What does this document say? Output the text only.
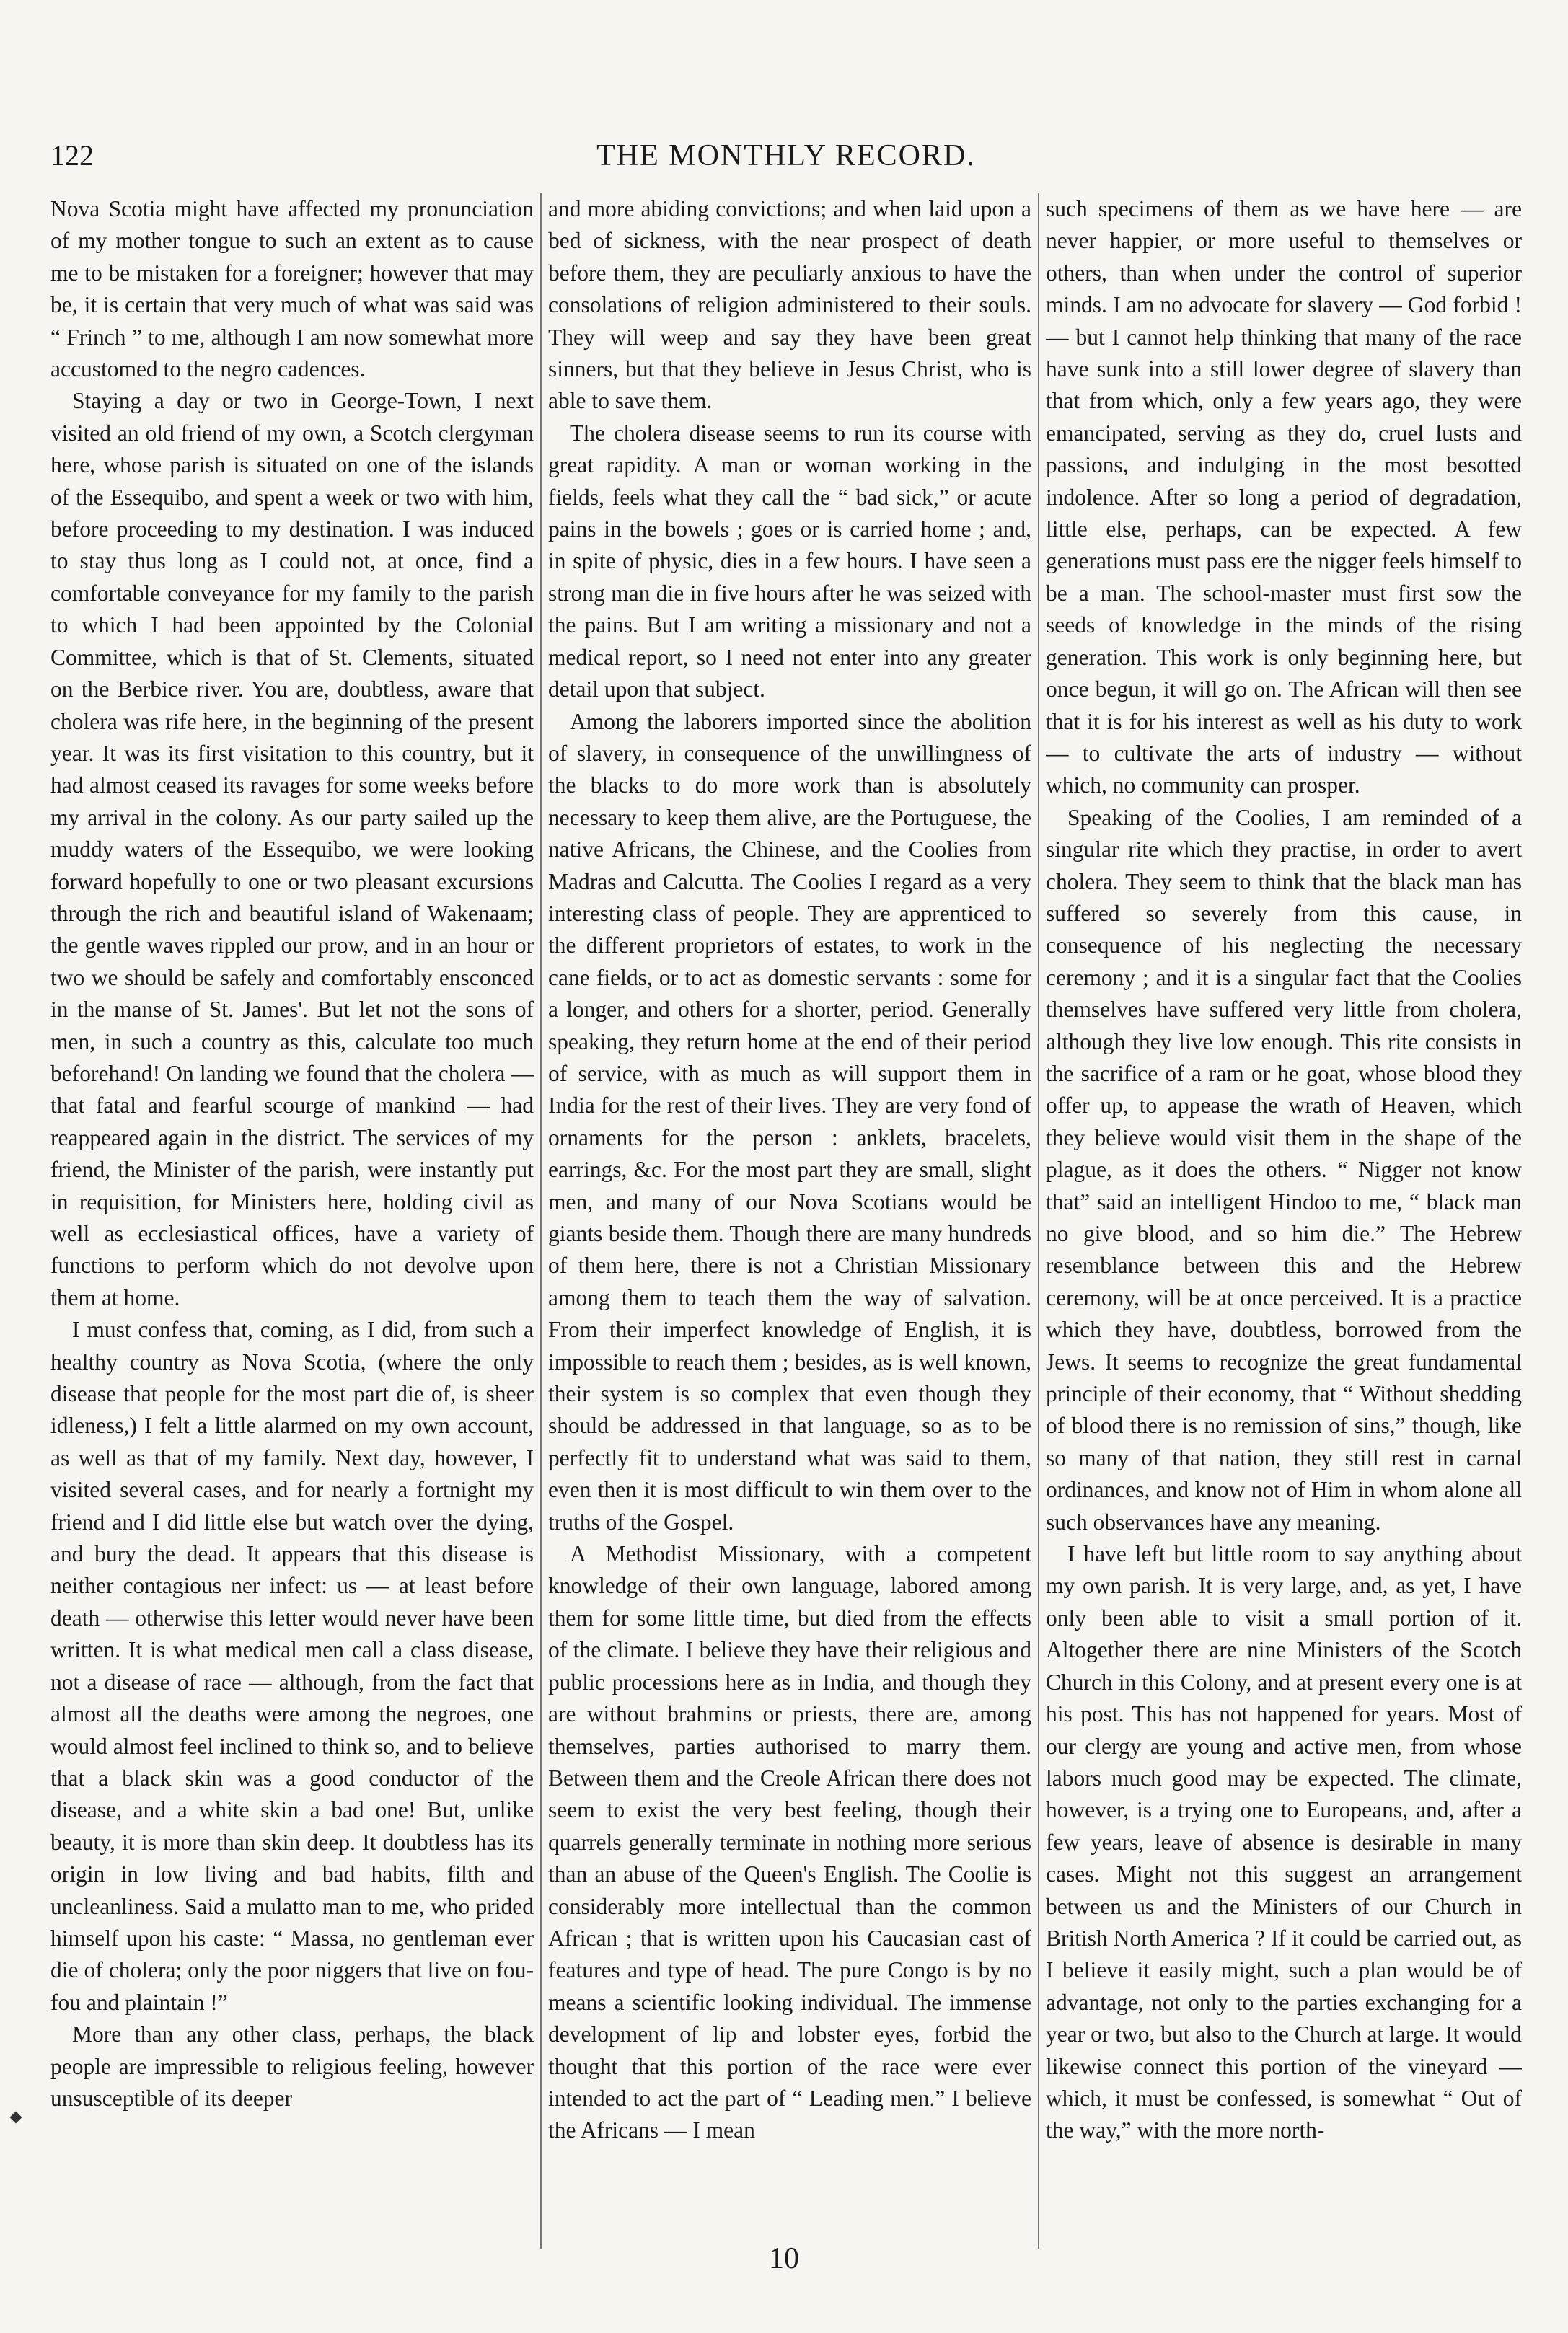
122	THE MONTHLY RECORD.

Nova Scotia might have affected my pronunciation of my mother tongue to such an extent as to cause me to be mistaken for a foreigner; however that may be, it is certain that very much of what was said was “ Frinch ” to me, although I am now somewhat more accustomed to the negro cadences.

Staying a day or two in George-Town, I next visited an old friend of my own, a Scotch clergyman here, whose parish is situated on one of the islands of the Essequibo, and spent a week or two with him, before proceeding to my destination. I was induced to stay thus long as I could not, at once, find a comfortable conveyance for my family to the parish to which I had been appointed by the Colonial Committee, which is that of St. Clements, situated on the Berbice river. You are, doubtless, aware that cholera was rife here, in the beginning of the present year. It was its first visitation to this country, but it had almost ceased its ravages for some weeks before my arrival in the colony. As our party sailed up the muddy waters of the Essequibo, we were looking forward hopefully to one or two pleasant excursions through the rich and beautiful island of Wakenaam; the gentle waves rippled our prow, and in an hour or two we should be safely and comfortably ensconced in the manse of St. James'. But let not the sons of men, in such a country as this, calculate too much beforehand! On landing we found that the cholera — that fatal and fearful scourge of mankind — had reappeared again in the district. The services of my friend, the Minister of the parish, were instantly put in requisition, for Ministers here, holding civil as well as ecclesiastical offices, have a variety of functions to perform which do not devolve upon them at home.

I must confess that, coming, as I did, from such a healthy country as Nova Scotia, (where the only disease that people for the most part die of, is sheer idleness,) I felt a little alarmed on my own account, as well as that of my family. Next day, however, I visited several cases, and for nearly a fortnight my friend and I did little else but watch over the dying, and bury the dead. It appears that this disease is neither contagious ner infect: us — at least before death — otherwise this letter would never have been written. It is what medical men call a class disease, not a disease of race — although, from the fact that almost all the deaths were among the negroes, one would almost feel inclined to think so, and to believe that a black skin was a good conductor of the disease, and a white skin a bad one! But, unlike beauty, it is more than skin deep. It doubtless has its origin in low living and bad habits, filth and uncleanliness. Said a mulatto man to me, who prided himself upon his caste: “ Massa, no gentleman ever die of cholera; only the poor niggers that live on fou-fou and plaintain !”

More than any other class, perhaps, the black people are impressible to religious feeling, however unsusceptible of its deeper

and more abiding convictions; and when laid upon a bed of sickness, with the near prospect of death before them, they are peculiarly anxious to have the consolations of religion administered to their souls. They will weep and say they have been great sinners, but that they believe in Jesus Christ, who is able to save them.

The cholera disease seems to run its course with great rapidity. A man or woman working in the fields, feels what they call the “ bad sick,” or acute pains in the bowels ; goes or is carried home ; and, in spite of physic, dies in a few hours. I have seen a strong man die in five hours after he was seized with the pains. But I am writing a missionary and not a medical report, so I need not enter into any greater detail upon that subject.

Among the laborers imported since the abolition of slavery, in consequence of the unwillingness of the blacks to do more work than is absolutely necessary to keep them alive, are the Portuguese, the native Africans, the Chinese, and the Coolies from Madras and Calcutta. The Coolies I regard as a very interesting class of people. They are apprenticed to the different proprietors of estates, to work in the cane fields, or to act as domestic servants : some for a longer, and others for a shorter, period. Generally speaking, they return home at the end of their period of service, with as much as will support them in India for the rest of their lives. They are very fond of ornaments for the person : anklets, bracelets, earrings, &c. For the most part they are small, slight men, and many of our Nova Scotians would be giants beside them. Though there are many hundreds of them here, there is not a Christian Missionary among them to teach them the way of salvation. From their imperfect knowledge of English, it is impossible to reach them ; besides, as is well known, their system is so complex that even though they should be addressed in that language, so as to be perfectly fit to understand what was said to them, even then it is most difficult to win them over to the truths of the Gospel.

A Methodist Missionary, with a competent knowledge of their own language, labored among them for some little time, but died from the effects of the climate. I believe they have their religious and public processions here as in India, and though they are without brahmins or priests, there are, among themselves, parties authorised to marry them. Between them and the Creole African there does not seem to exist the very best feeling, though their quarrels generally terminate in nothing more serious than an abuse of the Queen's English. The Coolie is considerably more intellectual than the common African ; that is written upon his Caucasian cast of features and type of head. The pure Congo is by no means a scientific looking individual. The immense development of lip and lobster eyes, forbid the thought that this portion of the race were ever intended to act the part of “ Leading men.” I believe the Africans — I mean

such specimens of them as we have here — are never happier, or more useful to themselves or others, than when under the control of superior minds. I am no advocate for slavery — God forbid ! — but I cannot help thinking that many of the race have sunk into a still lower degree of slavery than that from which, only a few years ago, they were emancipated, serving as they do, cruel lusts and passions, and indulging in the most besotted indolence. After so long a period of degradation, little else, perhaps, can be expected. A few generations must pass ere the nigger feels himself to be a man. The school-master must first sow the seeds of knowledge in the minds of the rising generation. This work is only beginning here, but once begun, it will go on. The African will then see that it is for his interest as well as his duty to work — to cultivate the arts of industry — without which, no community can prosper.

Speaking of the Coolies, I am reminded of a singular rite which they practise, in order to avert cholera. They seem to think that the black man has suffered so severely from this cause, in consequence of his neglecting the necessary ceremony ; and it is a singular fact that the Coolies themselves have suffered very little from cholera, although they live low enough. This rite consists in the sacrifice of a ram or he goat, whose blood they offer up, to appease the wrath of Heaven, which they believe would visit them in the shape of the plague, as it does the others. “ Nigger not know that” said an intelligent Hindoo to me, “ black man no give blood, and so him die.” The Hebrew resemblance between this and the Hebrew ceremony, will be at once perceived. It is a practice which they have, doubtless, borrowed from the Jews. It seems to recognize the great fundamental principle of their economy, that “ Without shedding of blood there is no remission of sins,” though, like so many of that nation, they still rest in carnal ordinances, and know not of Him in whom alone all such observances have any meaning.

I have left but little room to say anything about my own parish. It is very large, and, as yet, I have only been able to visit a small portion of it. Altogether there are nine Ministers of the Scotch Church in this Colony, and at present every one is at his post. This has not happened for years. Most of our clergy are young and active men, from whose labors much good may be expected. The climate, however, is a trying one to Europeans, and, after a few years, leave of absence is desirable in many cases. Might not this suggest an arrangement between us and the Ministers of our Church in British North America ? If it could be carried out, as I believe it easily might, such a plan would be of advantage, not only to the parties exchanging for a year or two, but also to the Church at large. It would likewise connect this portion of the vineyard — which, it must be confessed, is somewhat “ Out of the way,” with the more north-

10
